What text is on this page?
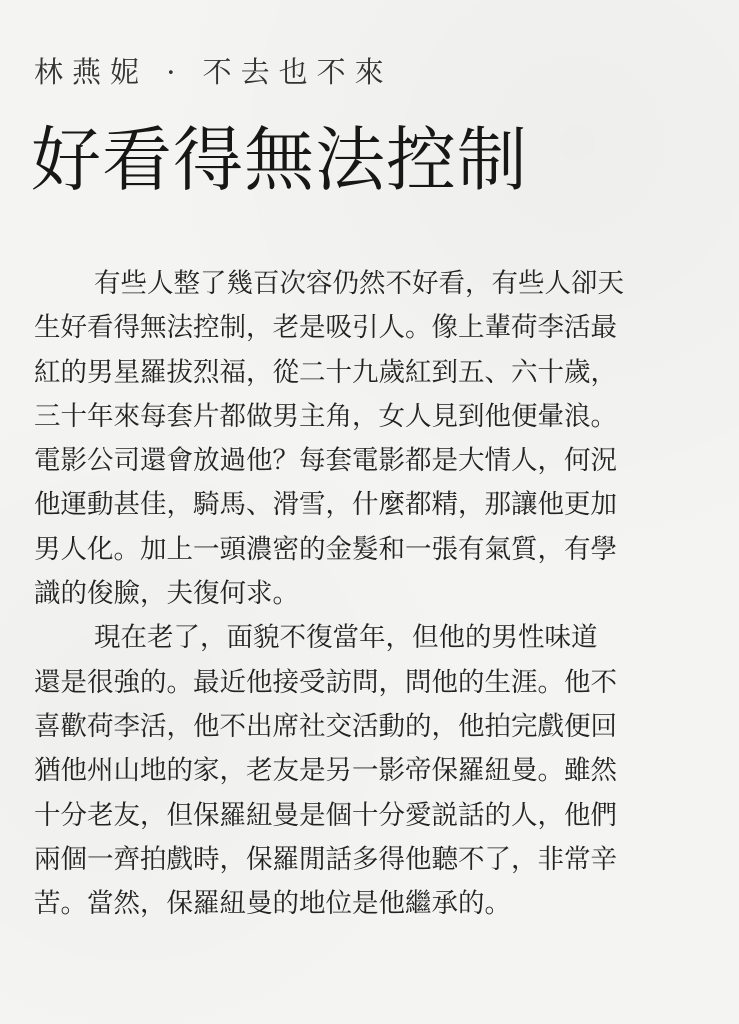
林燕妮 · 不去也不來
好看得無法控制

有些人整了幾百次容仍然不好看，有些人卻天
生好看得無法控制，老是吸引人。像上輩荷李活最
紅的男星羅拔烈福，從二十九歲紅到五、六十歲，
三十年來每套片都做男主角，女人見到他便暈浪。
電影公司還會放過他？每套電影都是大情人，何況
他運動甚佳，騎馬、滑雪，什麼都精，那讓他更加
男人化。加上一頭濃密的金髮和一張有氣質，有學
識的俊臉，夫復何求。

現在老了，面貌不復當年，但他的男性味道
還是很強的。最近他接受訪問，問他的生涯。他不
喜歡荷李活，他不出席社交活動的，他拍完戲便回
猶他州山地的家，老友是另一影帝保羅紐曼。雖然
十分老友，但保羅紐曼是個十分愛説話的人，他們
兩個一齊拍戲時，保羅閒話多得他聽不了，非常辛
苦。當然，保羅紐曼的地位是他繼承的。
